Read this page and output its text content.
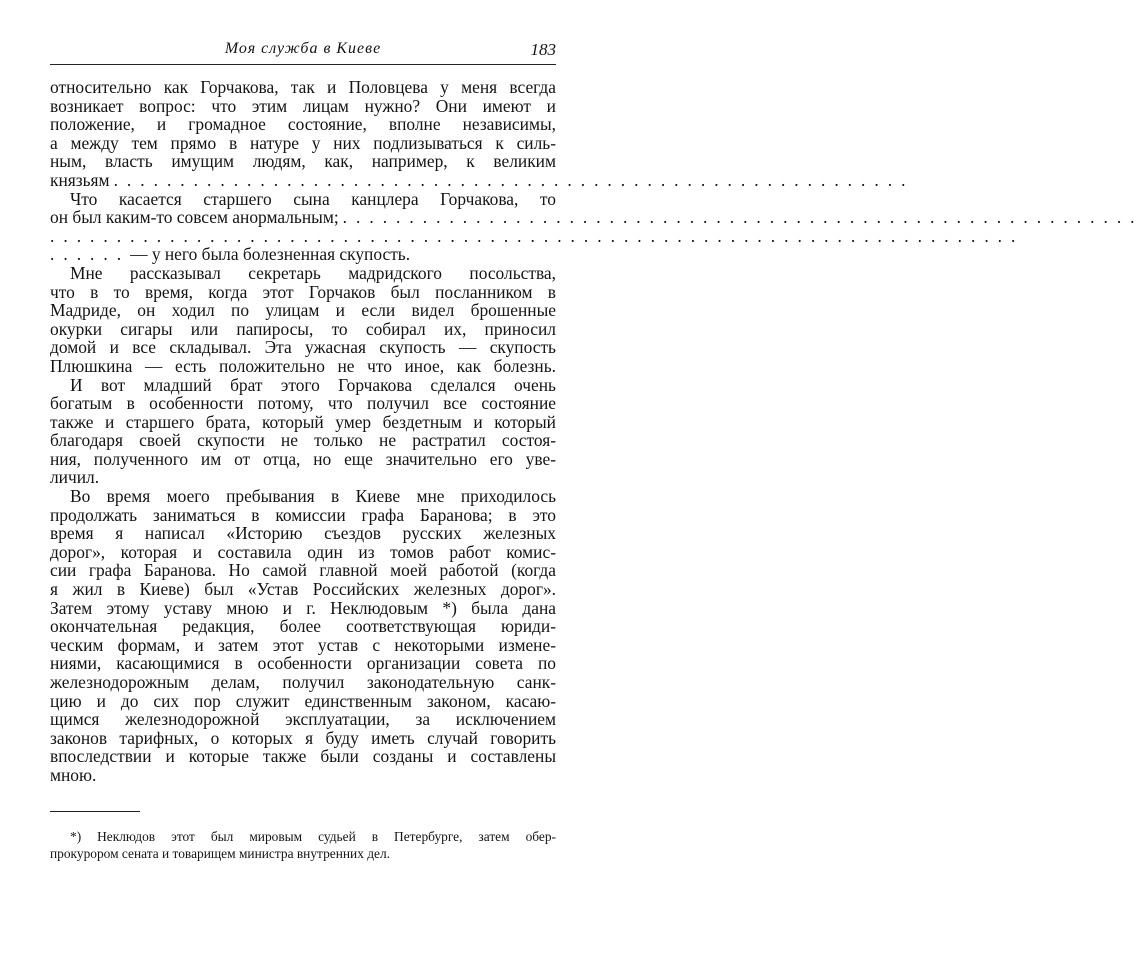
Моя служба в Киеве	183
относительно как Горчакова, так и Половцева у меня всегда
возникает вопрос: что этим лицам нужно? Они имеют и
положение, и громадное состояние, вполне независимы,
а между тем прямо в натуре у них подлизываться к силь-
ным, власть имущим людям, как, например, к великим
князьям ............................................................
Что касается старшего сына канцлера Горчакова, то
он был каким-то совсем анормальным; ............................................................
.........................................................................
...... — у него была болезненная скупость.
Мне рассказывал секретарь мадридского посольства,
что в то время, когда этот Горчаков был посланником в
Мадриде, он ходил по улицам и если видел брошенные
окурки сигары или папиросы, то собирал их, приносил
домой и все складывал. Эта ужасная скупость — скупость
Плюшкина — есть положительно не что иное, как болезнь.
И вот младший брат этого Горчакова сделался очень
богатым в особенности потому, что получил все состояние
также и старшего брата, который умер бездетным и который
благодаря своей скупости не только не растратил состоя-
ния, полученного им от отца, но еще значительно его уве-
личил.
Во время моего пребывания в Киеве мне приходилось
продолжать заниматься в комиссии графа Баранова; в это
время я написал «Историю съездов русских железных
дорог», которая и составила один из томов работ комис-
сии графа Баранова. Но самой главной моей работой (когда
я жил в Киеве) был «Устав Российских железных дорог».
Затем этому уставу мною и г. Неклюдовым *) была дана
окончательная редакция, более соответствующая юриди-
ческим формам, и затем этот устав с некоторыми измене-
ниями, касающимися в особенности организации совета по
железнодорожным делам, получил законодательную санк-
цию и до сих пор служит единственным законом, касаю-
щимся железнодорожной эксплуатации, за исключением
законов тарифных, о которых я буду иметь случай говорить
впоследствии и которые также были созданы и составлены
мною.
*) Неклюдов этот был мировым судьей в Петербурге, затем обер-
прокурором сената и товарищем министра внутренних дел.
